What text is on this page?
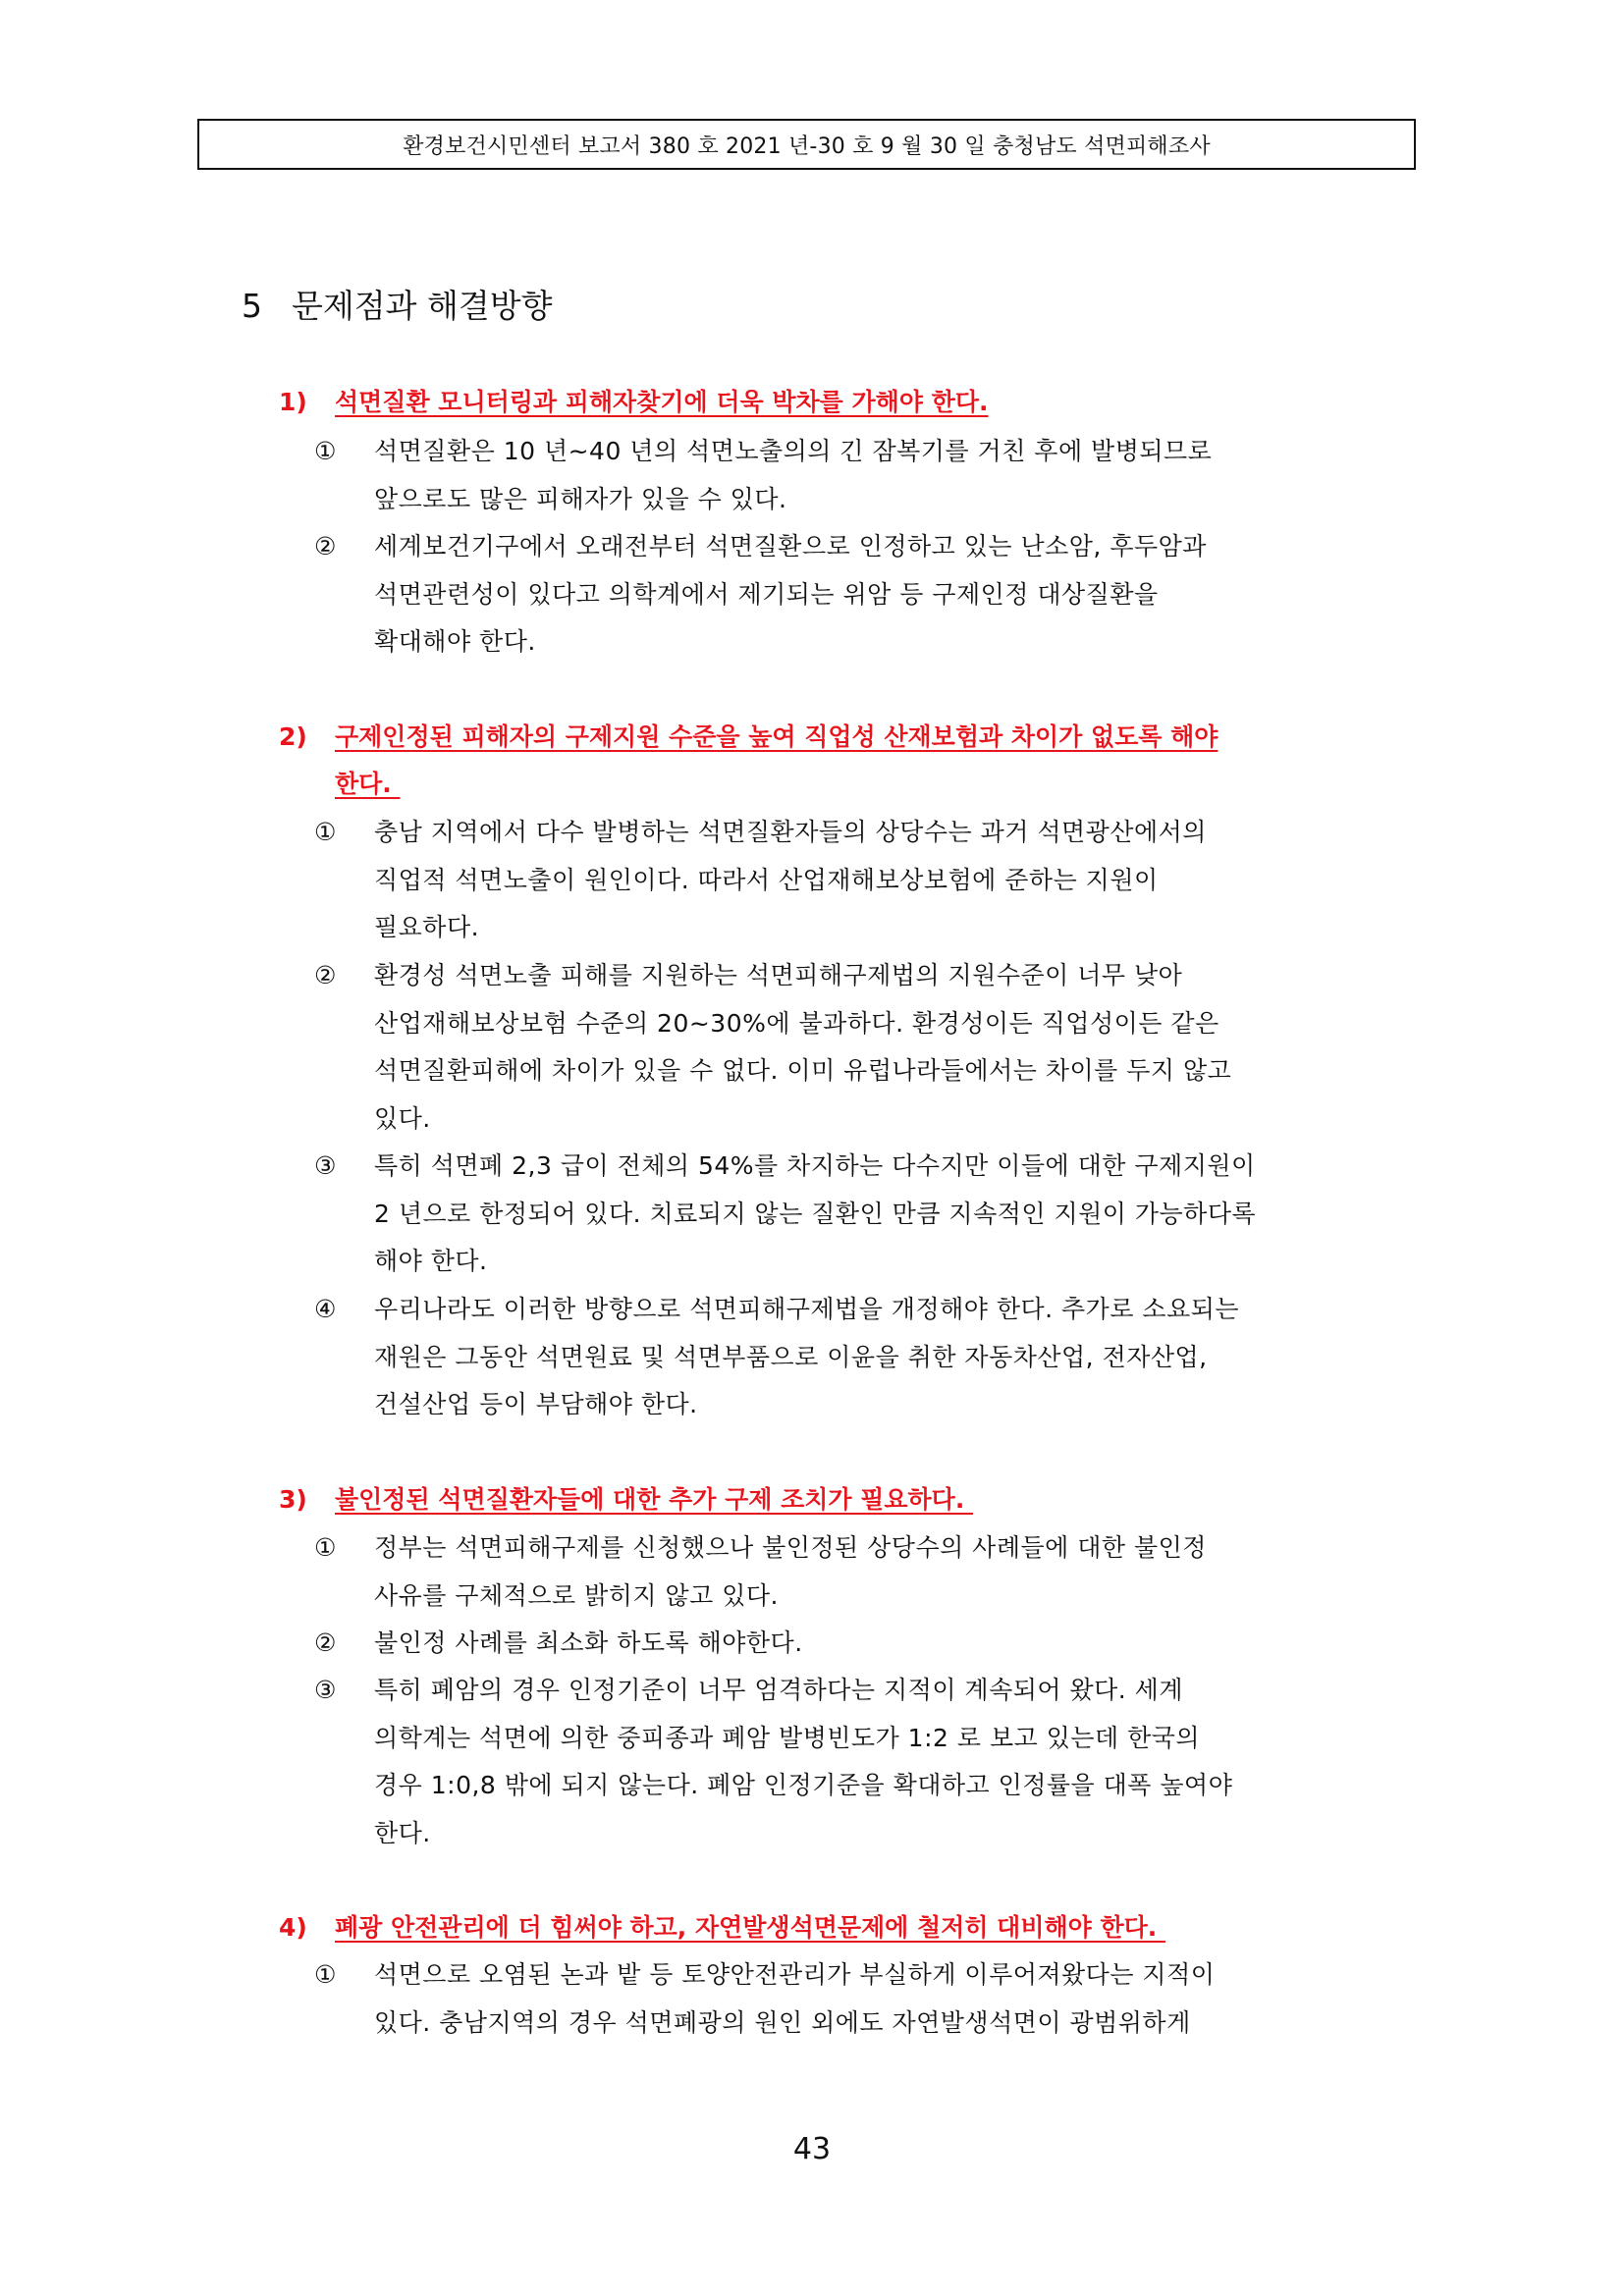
환경보건시민센터 보고서 380 호 2021 년-30 호 9 월 30 일 충청남도 석면피해조사
5 문제점과 해결방향
1) 석면질환 모니터링과 피해자찾기에 더욱 박차를 가해야 한다.
①	석면질환은 10 년~40 년의 석면노출의의 긴 잠복기를 거친 후에 발병되므로
앞으로도 많은 피해자가 있을 수 있다.
②	세계보건기구에서 오래전부터 석면질환으로 인정하고 있는 난소암, 후두암과
석면관련성이 있다고 의학계에서 제기되는 위암 등 구제인정 대상질환을
확대해야 한다.
2) 구제인정된 피해자의 구제지원 수준을 높여 직업성 산재보험과 차이가 없도록 해야
한다.
①	충남 지역에서 다수 발병하는 석면질환자들의 상당수는 과거 석면광산에서의
직업적 석면노출이 원인이다. 따라서 산업재해보상보험에 준하는 지원이
필요하다.
②	환경성 석면노출 피해를 지원하는 석면피해구제법의 지원수준이 너무 낮아
산업재해보상보험 수준의 20~30%에 불과하다. 환경성이든 직업성이든 같은
석면질환피해에 차이가 있을 수 없다. 이미 유럽나라들에서는 차이를 두지 않고
있다.
③	특히 석면폐 2,3 급이 전체의 54%를 차지하는 다수지만 이들에 대한 구제지원이
2 년으로 한정되어 있다. 치료되지 않는 질환인 만큼 지속적인 지원이 가능하다록
해야 한다.
④	우리나라도 이러한 방향으로 석면피해구제법을 개정해야 한다. 추가로 소요되는
재원은 그동안 석면원료 및 석면부품으로 이윤을 취한 자동차산업, 전자산업,
건설산업 등이 부담해야 한다.
3) 불인정된 석면질환자들에 대한 추가 구제 조치가 필요하다.
①	정부는 석면피해구제를 신청했으나 불인정된 상당수의 사례들에 대한 불인정
사유를 구체적으로 밝히지 않고 있다.
②	불인정 사례를 최소화 하도록 해야한다.
③	특히 폐암의 경우 인정기준이 너무 엄격하다는 지적이 계속되어 왔다. 세계
의학계는 석면에 의한 중피종과 폐암 발병빈도가 1:2 로 보고 있는데 한국의
경우 1:0,8 밖에 되지 않는다. 폐암 인정기준을 확대하고 인정률을 대폭 높여야
한다.
4) 폐광 안전관리에 더 힘써야 하고, 자연발생석면문제에 철저히 대비해야 한다.
①	석면으로 오염된 논과 밭 등 토양안전관리가 부실하게 이루어져왔다는 지적이
있다. 충남지역의 경우 석면폐광의 원인 외에도 자연발생석면이 광범위하게
43
